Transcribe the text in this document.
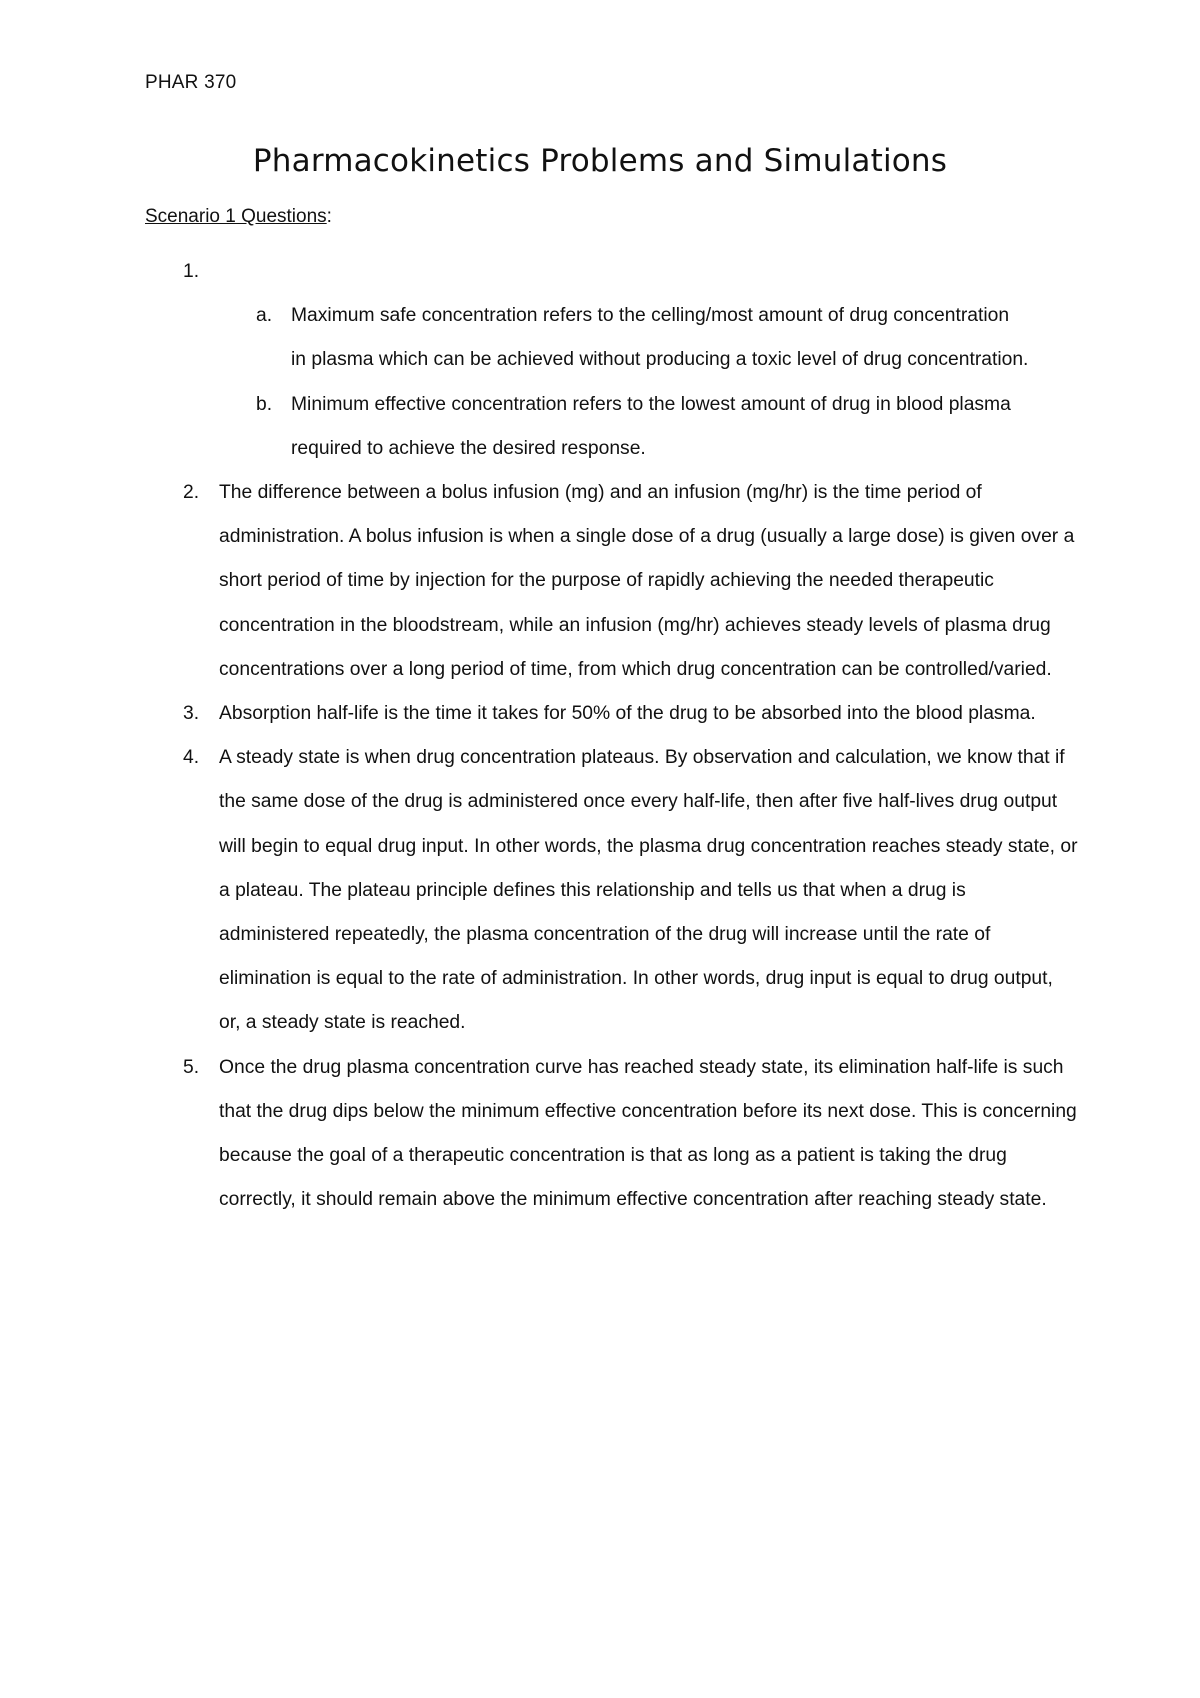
PHAR 370
Pharmacokinetics Problems and Simulations
Scenario 1 Questions:
1.
a. Maximum safe concentration refers to the celling/most amount of drug concentration in plasma which can be achieved without producing a toxic level of drug concentration.
b. Minimum effective concentration refers to the lowest amount of drug in blood plasma required to achieve the desired response.
2. The difference between a bolus infusion (mg) and an infusion (mg/hr) is the time period of administration. A bolus infusion is when a single dose of a drug (usually a large dose) is given over a short period of time by injection for the purpose of rapidly achieving the needed therapeutic concentration in the bloodstream, while an infusion (mg/hr) achieves steady levels of plasma drug concentrations over a long period of time, from which drug concentration can be controlled/varied.
3. Absorption half-life is the time it takes for 50% of the drug to be absorbed into the blood plasma.
4. A steady state is when drug concentration plateaus. By observation and calculation, we know that if the same dose of the drug is administered once every half-life, then after five half-lives drug output will begin to equal drug input. In other words, the plasma drug concentration reaches steady state, or a plateau. The plateau principle defines this relationship and tells us that when a drug is administered repeatedly, the plasma concentration of the drug will increase until the rate of elimination is equal to the rate of administration. In other words, drug input is equal to drug output, or, a steady state is reached.
5. Once the drug plasma concentration curve has reached steady state, its elimination half-life is such that the drug dips below the minimum effective concentration before its next dose. This is concerning because the goal of a therapeutic concentration is that as long as a patient is taking the drug correctly, it should remain above the minimum effective concentration after reaching steady state.
